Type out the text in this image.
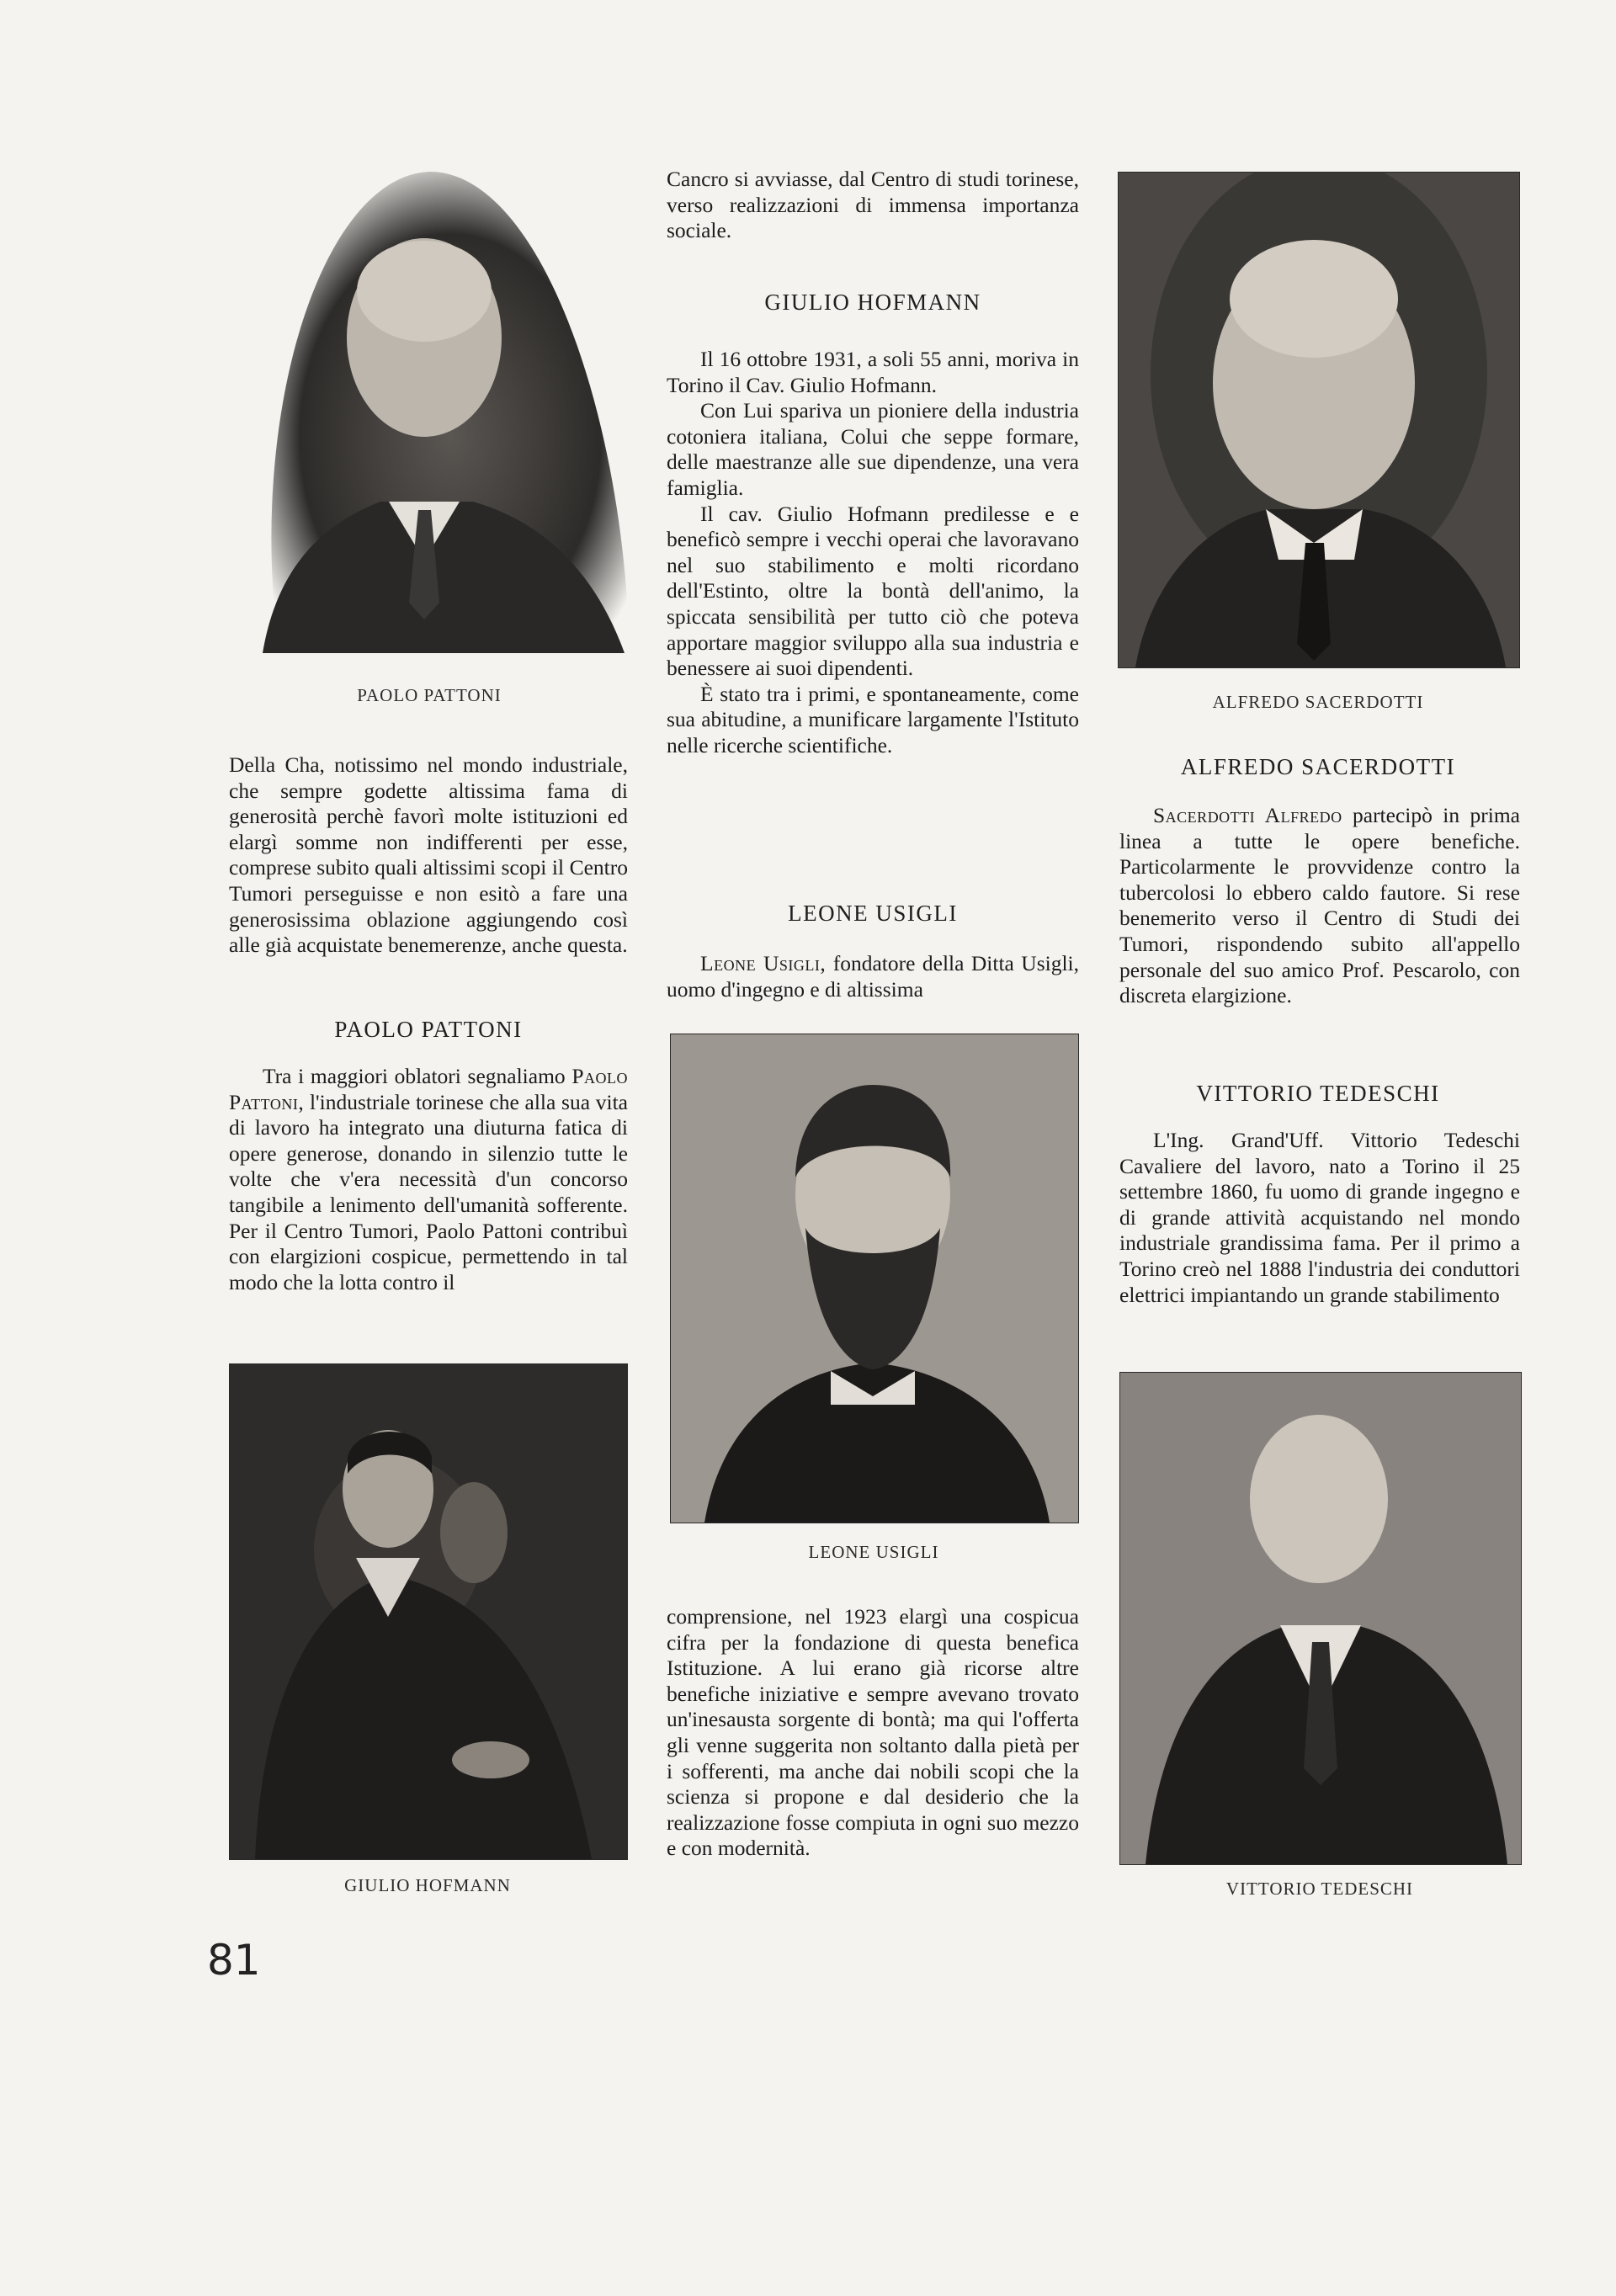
PAOLO PATTONI

Della Cha, notissimo nel mondo industriale, che sempre godette altissima fama di generosità perchè favorì molte istituzioni ed elargì somme non indifferenti per esse, comprese subito quali altissimi scopi il Centro Tumori perseguisse e non esitò a fare una generosissima oblazione aggiungendo così alle già acquistate benemerenze, anche questa.

PAOLO PATTONI

Tra i maggiori oblatori segnaliamo Paolo Pattoni, l'industriale torinese che alla sua vita di lavoro ha integrato una diuturna fatica di opere generose, donando in silenzio tutte le volte che v'era necessità d'un concorso tangibile a lenimento dell'umanità sofferente. Per il Centro Tumori, Paolo Pattoni contribuì con elargizioni cospicue, permettendo in tal modo che la lotta contro il

GIULIO HOFMANN
81

Cancro si avviasse, dal Centro di studi torinese, verso realizzazioni di immensa importanza sociale.

GIULIO HOFMANN

Il 16 ottobre 1931, a soli 55 anni, moriva in Torino il Cav. Giulio Hofmann.

Con Lui spariva un pioniere della industria cotoniera italiana, Colui che seppe formare, delle maestranze alle sue dipendenze, una vera famiglia.

Il cav. Giulio Hofmann predilesse e e beneficò sempre i vecchi operai che lavoravano nel suo stabilimento e molti ricordano dell'Estinto, oltre la bontà dell'animo, la spiccata sensibilità per tutto ciò che poteva apportare maggior sviluppo alla sua industria e benessere ai suoi dipendenti.

È stato tra i primi, e spontaneamente, come sua abitudine, a munificare largamente l'Istituto nelle ricerche scientifiche.

LEONE USIGLI

Leone Usigli, fondatore della Ditta Usigli, uomo d'ingegno e di altissima

LEONE USIGLI

comprensione, nel 1923 elargì una cospicua cifra per la fondazione di questa benefica Istituzione. A lui erano già ricorse altre benefiche iniziative e sempre avevano trovato un'inesausta sorgente di bontà; ma qui l'offerta gli venne suggerita non soltanto dalla pietà per i sofferenti, ma anche dai nobili scopi che la scienza si propone e dal desiderio che la realizzazione fosse compiuta in ogni suo mezzo e con modernità.

ALFREDO SACERDOTTI
ALFREDO SACERDOTTI

Sacerdotti Alfredo partecipò in prima linea a tutte le opere benefiche. Particolarmente le provvidenze contro la tubercolosi lo ebbero caldo fautore. Si rese benemerito verso il Centro di Studi dei Tumori, rispondendo subito all'appello personale del suo amico Prof. Pescarolo, con discreta elargizione.

VITTORIO TEDESCHI

L'Ing. Grand'Uff. Vittorio Tedeschi Cavaliere del lavoro, nato a Torino il 25 settembre 1860, fu uomo di grande ingegno e di grande attività acquistando nel mondo industriale grandissima fama. Per il primo a Torino creò nel 1888 l'industria dei conduttori elettrici impiantando un grande stabilimento

VITTORIO TEDESCHI
